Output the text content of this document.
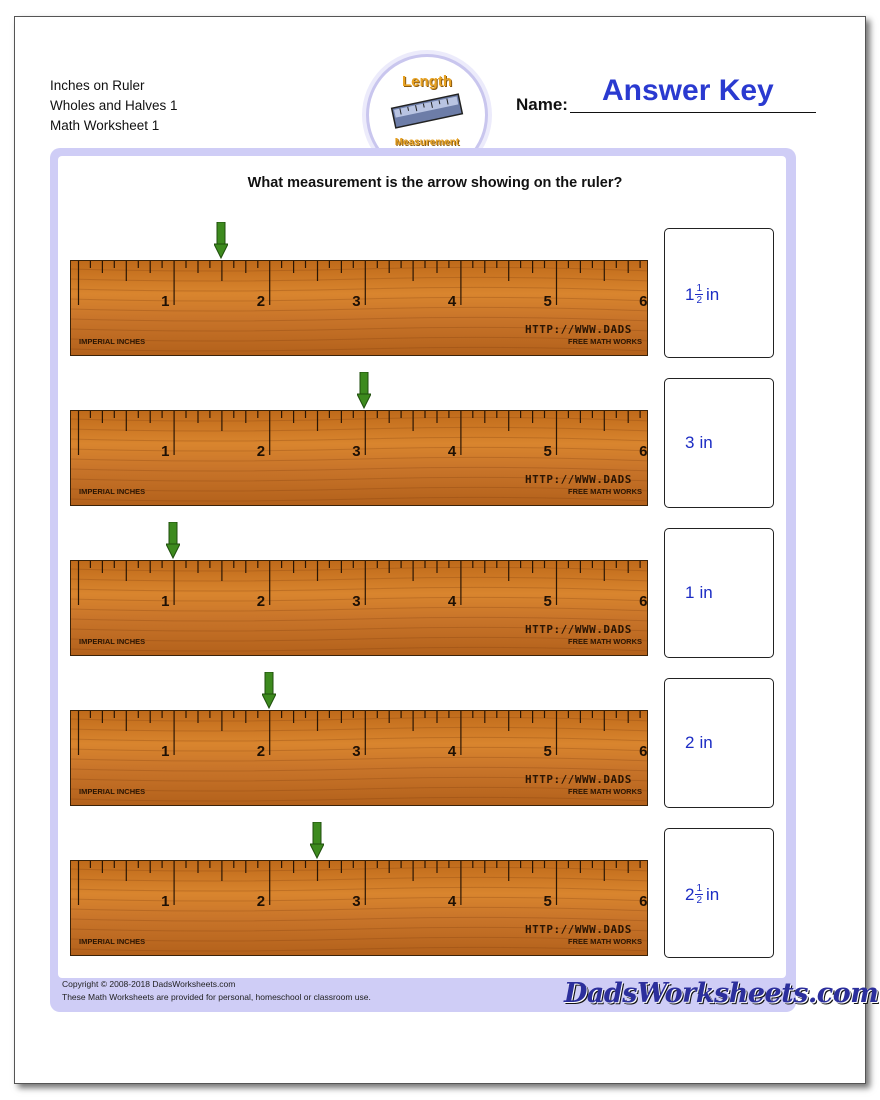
Inches on Ruler
Wholes and Halves 1
Math Worksheet 1
Length
Measurement
Name: Answer Key
What measurement is the arrow showing on the ruler?
1	2	3	4	5	6
IMPERIAL INCHES
HTTP://WWW.DADS
FREE MATH WORKS
$1 \frac{1}{2}$ in
1	2	3	4	5	6
IMPERIAL INCHES
HTTP://WWW.DADS
FREE MATH WORKS
3 in
1	2	3	4	5	6
IMPERIAL INCHES
HTTP://WWW.DADS
FREE MATH WORKS
1 in
1	2	3	4	5	6
IMPERIAL INCHES
HTTP://WWW.DADS
FREE MATH WORKS
2 in
1	2	3	4	5	6
IMPERIAL INCHES
HTTP://WWW.DADS
FREE MATH WORKS
$2 \frac{1}{2}$ in
Copyright © 2008-2018 DadsWorksheets.com
These Math Worksheets are provided for personal, homeschool or classroom use.	DadsWorksheets.com
